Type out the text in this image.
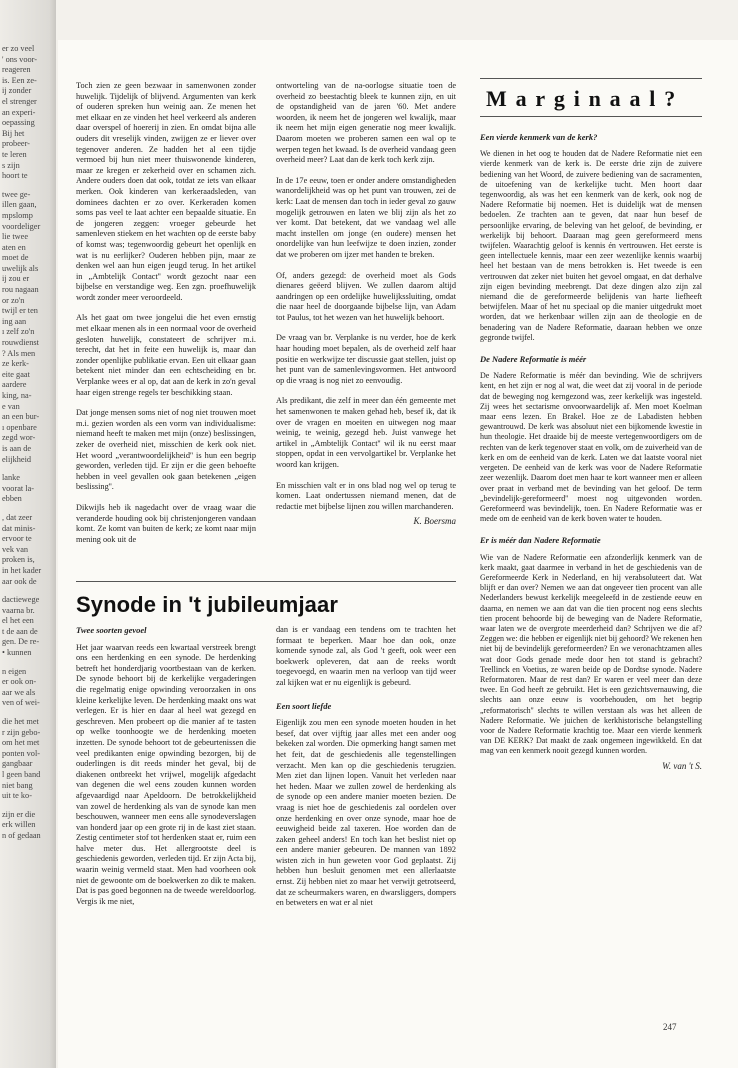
er zo veel
' ons voor-
reageren
is. Een ze-
ij zonder
el strenger
an experi-
oepassing
Bij het
probeer-
te leren
s zijn
hoort te

twee ge-
illen gaan,
mpslomp
voordeliger
lie twee
aten en
moet de
uwelijk als
ij zou er
rou nagaan
or zo'n
twijl er ten
ing aan
ı zelf zo'n
rouwdienst
? Als men
ze kerk-
eite gaat
aardere
king, na-
e van
an een bur-
ı openbare
zegd wor-
is aan de
elijkheid

lanke
voorat la-
ebben

, dat zeer
dat minis-
ervoor te
vek van
proken is,
in het kader
aar ook de

dactiewege
vaarna br.
el het een
t de aan de
gen. De re-
• kunnen

n eigen
er ook on-
aar we als
ven of wei-

die het met
r zijn gebo-
om het met
ponten vol-
gangbaar
l geen band
niet bang
uit te ko-

zijn er die
erk willen
n of gedaan

Toch zien ze geen bezwaar in samenwonen zonder huwelijk. Tijdelijk of blijvend. Argumenten van kerk of ouderen spreken hun weinig aan. Ze menen het met elkaar en ze vinden het heel verkeerd als anderen daar overspel of hoererij in zien. En omdat bijna alle ouders dit vreselijk vinden, zwijgen ze er liever over tegenover anderen. Ze hadden het al een tijdje vermoed bij hun niet meer thuiswonende kinderen, maar ze kregen er zekerheid over en schamen zich. Andere ouders doen dat ook, totdat ze iets van elkaar merken. Ook kinderen van kerkeraadsleden, van dominees dachten er zo over. Kerkeraden komen soms pas veel te laat achter een bepaalde situatie. En de jongeren zeggen: vroeger gebeurde het samenleven stiekem en het wachten op de eerste baby of komst was; tegenwoordig gebeurt het openlijk en wat is nu eerlijker? Ouderen hebben pijn, maar ze denken wel aan hun eigen jeugd terug. In het artikel in „Ambtelijk Contact'' wordt gezocht naar een bijbelse en verstandige weg. Een zgn. proefhuwelijk wordt zonder meer veroordeeld.

Als het gaat om twee jongelui die het even ernstig met elkaar menen als in een normaal voor de overheid gesloten huwelijk, constateert de schrijver m.i. terecht, dat het in feite een huwelijk is, maar dan zonder openlijke publikatie ervan. Een uit elkaar gaan betekent niet minder dan een echtscheiding en br. Verplanke wees er al op, dat aan de kerk in zo'n geval haar eigen strenge regels ter beschikking staan.

Dat jonge mensen soms niet of nog niet trouwen moet m.i. gezien worden als een vorm van individualisme: niemand heeft te maken met mijn (onze) beslissingen, zeker de overheid niet, misschien de kerk ook niet. Het woord „verantwoordelijkheid'' is hun een begrip geworden, verleden tijd. Er zijn er die geen behoefte hebben in veel gevallen ook gaan betekenen „eigen beslissing''.

Dikwijls heb ik nagedacht over de vraag waar die veranderde houding ook bij christenjongeren vandaan komt. Ze komt van buiten de kerk; ze komt naar mijn mening ook uit de

ontworteling van de na-oorlogse situatie toen de overheid zo beestachtig bleek te kunnen zijn, en uit de opstandigheid van de jaren '60. Met andere woorden, ik neem het de jongeren wel kwalijk, maar ik neem het mijn eigen generatie nog meer kwalijk. Daarom moeten we proberen samen een wal op te werpen tegen het kwaad. Is de overheid vandaag geen overheid meer? Laat dan de kerk toch kerk zijn.

In de 17e eeuw, toen er onder andere omstandigheden wanordelijkheid was op het punt van trouwen, zei de kerk: Laat de mensen dan toch in ieder geval zo gauw mogelijk getrouwen en laten we blij zijn als het zo ver komt. Dat betekent, dat we vandaag wel alle macht instellen om jonge (en oudere) mensen het onordelijke van hun leefwijze te doen inzien, zonder dat we proberen om ijzer met handen te breken.

Of, anders gezegd: de overheid moet als Gods dienares geëerd blijven. We zullen daarom altijd aandringen op een ordelijke huwelijkssluiting, omdat die naar heel de doorgaande bijbelse lijn, van Adam tot Paulus, tot het wezen van het huwelijk behoort.

De vraag van br. Verplanke is nu verder, hoe de kerk haar houding moet bepalen, als de overheid zelf haar positie en werkwijze ter discussie gaat stellen, juist op het punt van de samenlevingsvormen. Het antwoord op die vraag is nog niet zo eenvoudig.

Als predikant, die zelf in meer dan één gemeente met het samenwonen te maken gehad heb, besef ik, dat ik over de vragen en moeiten en uitwegen nog maar weinig, te weinig, gezegd heb. Juist vanwege het artikel in „Ambtelijk Contact'' wil ik nu eerst maar stoppen, opdat in een vervolgartikel br. Verplanke het woord kan krijgen.

En misschien valt er in ons blad nog wel op terug te komen. Laat ondertussen niemand menen, dat de redactie met bijbelse lijnen zou willen marchanderen.

K. Boersma
Synode in 't jubileumjaar
Twee soorten gevoel

Het jaar waarvan reeds een kwartaal verstreek brengt ons een herdenking en een synode. De herdenking betreft het honderdjarig voortbestaan van de kerken. De synode behoort bij de kerkelijke vergaderingen die regelmatig enige opwinding veroorzaken in ons kleine kerkelijke leven. De herdenking maakt ons wat verlegen. Er is hier en daar al heel wat gezegd en geschreven. Men probeert op die manier af te tasten op welke toonhoogte we de herdenking moeten inzetten. De synode behoort tot de gebeurtenissen die veel predikanten enige opwinding bezorgen, bij de ouderlingen is dit reeds minder het geval, bij de diakenen ontbreekt het vrijwel, mogelijk afgedacht van degenen die wel eens zouden kunnen worden afgevaardigd naar Apeldoorn. De betrokkelijkheid van zowel de herdenking als van de synode kan men beschouwen, wanneer men eens alle synodeverslagen van honderd jaar op een grote rij in de kast ziet staan. Zestig centimeter stof tot herdenken staat er, ruim een halve meter dus. Het allergrootste deel is geschiedenis geworden, verleden tijd. Er zijn Acta bij, waarin weinig vermeld staat. Men had voorheen ook niet de gewoonte om de boekwerken zo dik te maken. Dat is pas goed begonnen na de tweede wereldoorlog. Vergis ik me niet,

dan is er vandaag een tendens om te trachten het formaat te beperken. Maar hoe dan ook, onze komende synode zal, als God 't geeft, ook weer een boekwerk opleveren, dat aan de reeks wordt toegevoegd, en waarin men na verloop van tijd weer zal kijken wat er nu eigenlijk is gebeurd.

Een soort liefde

Eigenlijk zou men een synode moeten houden in het besef, dat over vijftig jaar alles met een ander oog bekeken zal worden. Die opmerking hangt samen met het feit, dat de geschiedenis alle tegenstellingen verzacht. Men kan op die geschiedenis terugzien. Men ziet dan lijnen lopen. Vanuit het verleden naar het heden. Maar we zullen zowel de herdenking als de synode op een andere manier moeten bezien. De vraag is niet hoe de geschiedenis zal oordelen over onze herdenking en over onze synode, maar hoe de eeuwigheid beide zal taxeren. Hoe worden dan de zaken geheel anders! En toch kan het beslist niet op een andere manier gebeuren. De mannen van 1892 wisten zich in hun geweten voor God geplaatst. Zij hebben hun besluit genomen met een allerlaatste ernst. Zij hebben niet zo maar het verwijt getrotseerd, dat ze scheurmakers waren, en dwarsliggers, dompers en betweters en wat er al niet

Marginaal?
Een vierde kenmerk van de kerk?

We dienen in het oog te houden dat de Nadere Reformatie niet een vierde kenmerk van de kerk is. De eerste drie zijn de zuivere bediening van het Woord, de zuivere bediening van de sacramenten, de uitoefening van de kerkelijke tucht. Men hoort daar tegenwoordig, als was het een kenmerk van de kerk, ook nog de Nadere Reformatie bij noemen. Het is duidelijk wat de mensen bedoelen. Ze trachten aan te geven, dat naar hun besef de persoonlijke ervaring, de beleving van het geloof, de bevinding, er werkelijk bij behoort. Daaraan mag geen gereformeerd mens twijfelen. Waarachtig geloof is kennis én vertrouwen. Het eerste is geen intellectuele kennis, maar een zeer wezenlijke kennis waarbij heel het bestaan van de mens betrokken is. Het tweede is een vertrouwen dat zeker niet buiten het gevoel omgaat, en dat derhalve zijn eigen bevinding meebrengt. Dat deze dingen alzo zijn zal niemand die de gereformeerde belijdenis van harte liefheeft betwijfelen. Maar of het nu speciaal op die manier uitgedrukt moet worden, dat we herkenbaar willen zijn aan de theologie en de benadering van de Nadere Reformatie, daaraan hebben we onze gegronde twijfel.

De Nadere Reformatie is méér

De Nadere Reformatie is méér dan bevinding. Wie de schrijvers kent, en het zijn er nog al wat, die weet dat zij vooral in de periode dat de beweging nog kerngezond was, zeer kerkelijk was ingesteld. Zij wees het sectarisme onvoorwaardelijk af. Men moet Koelman maar eens lezen. En Brakel. Hoe ze de Labadisten hebben gewantrouwd. De kerk was absoluut niet een bijkomende kwestie in hun theologie. Het draaide bij de meeste vertegenwoordigers om de rechten van de kerk tegenover staat en volk, om de zuiverheid van de kerk en om de eenheid van de kerk. Laten we dat laatste vooral niet vergeten. De eenheid van de kerk was voor de Nadere Reformatie zeer wezenlijk. Daarom doet men haar te kort wanneer men er alleen over praat in verband met de bevinding van het geloof. De term „bevindelijk-gereformeerd'' moest nog uitgevonden worden. Gereformeerd was bevindelijk, toen. En Nadere Reformatie was er mede om de eenheid van de kerk boven water te houden.

Er is méér dan Nadere Reformatie

Wie van de Nadere Reformatie een afzonderlijk kenmerk van de kerk maakt, gaat daarmee in verband in het de geschiedenis van de Gereformeerde Kerk in Nederland, en hij verabsoluteert dat. Wat blijft er dan over? Nemen we aan dat ongeveer tien procent van alle Nederlanders bewust kerkelijk meegeleefd in de zestiende eeuw en daarna, en nemen we aan dat van die tien procent nog eens slechts tien procent behoorde bij de beweging van de Nadere Reformatie, waar laten we de overgrote meerderheid dan? Schrijven we die af? Zeggen we: die hebben er eigenlijk niet bij gehoord? We rekenen hen niet bij de bevindelijk gereformeerden? En we veronachtzamen alles wat door Gods genade mede door hen tot stand is gebracht? Teellinck en Voetius, ze waren beide op de Dordtse synode. Nadere Reformatoren. Maar de rest dan? Er waren er veel meer dan deze twee. En God heeft ze gebruikt. Het is een gezichtsvernauwing, die slechts aan onze eeuw is voorbehouden, om het begrip „reformatorisch'' slechts te willen verstaan als was het alleen de Nadere Reformatie. We juichen de kerkhistorische belangstelling voor de Nadere Reformatie krachtig toe. Maar een vierde kenmerk van DE KERK? Dat maakt de zaak ongemeen ingewikkeld. En dat mag van een kenmerk nooit gezegd kunnen worden.

W. van 't S.
247
